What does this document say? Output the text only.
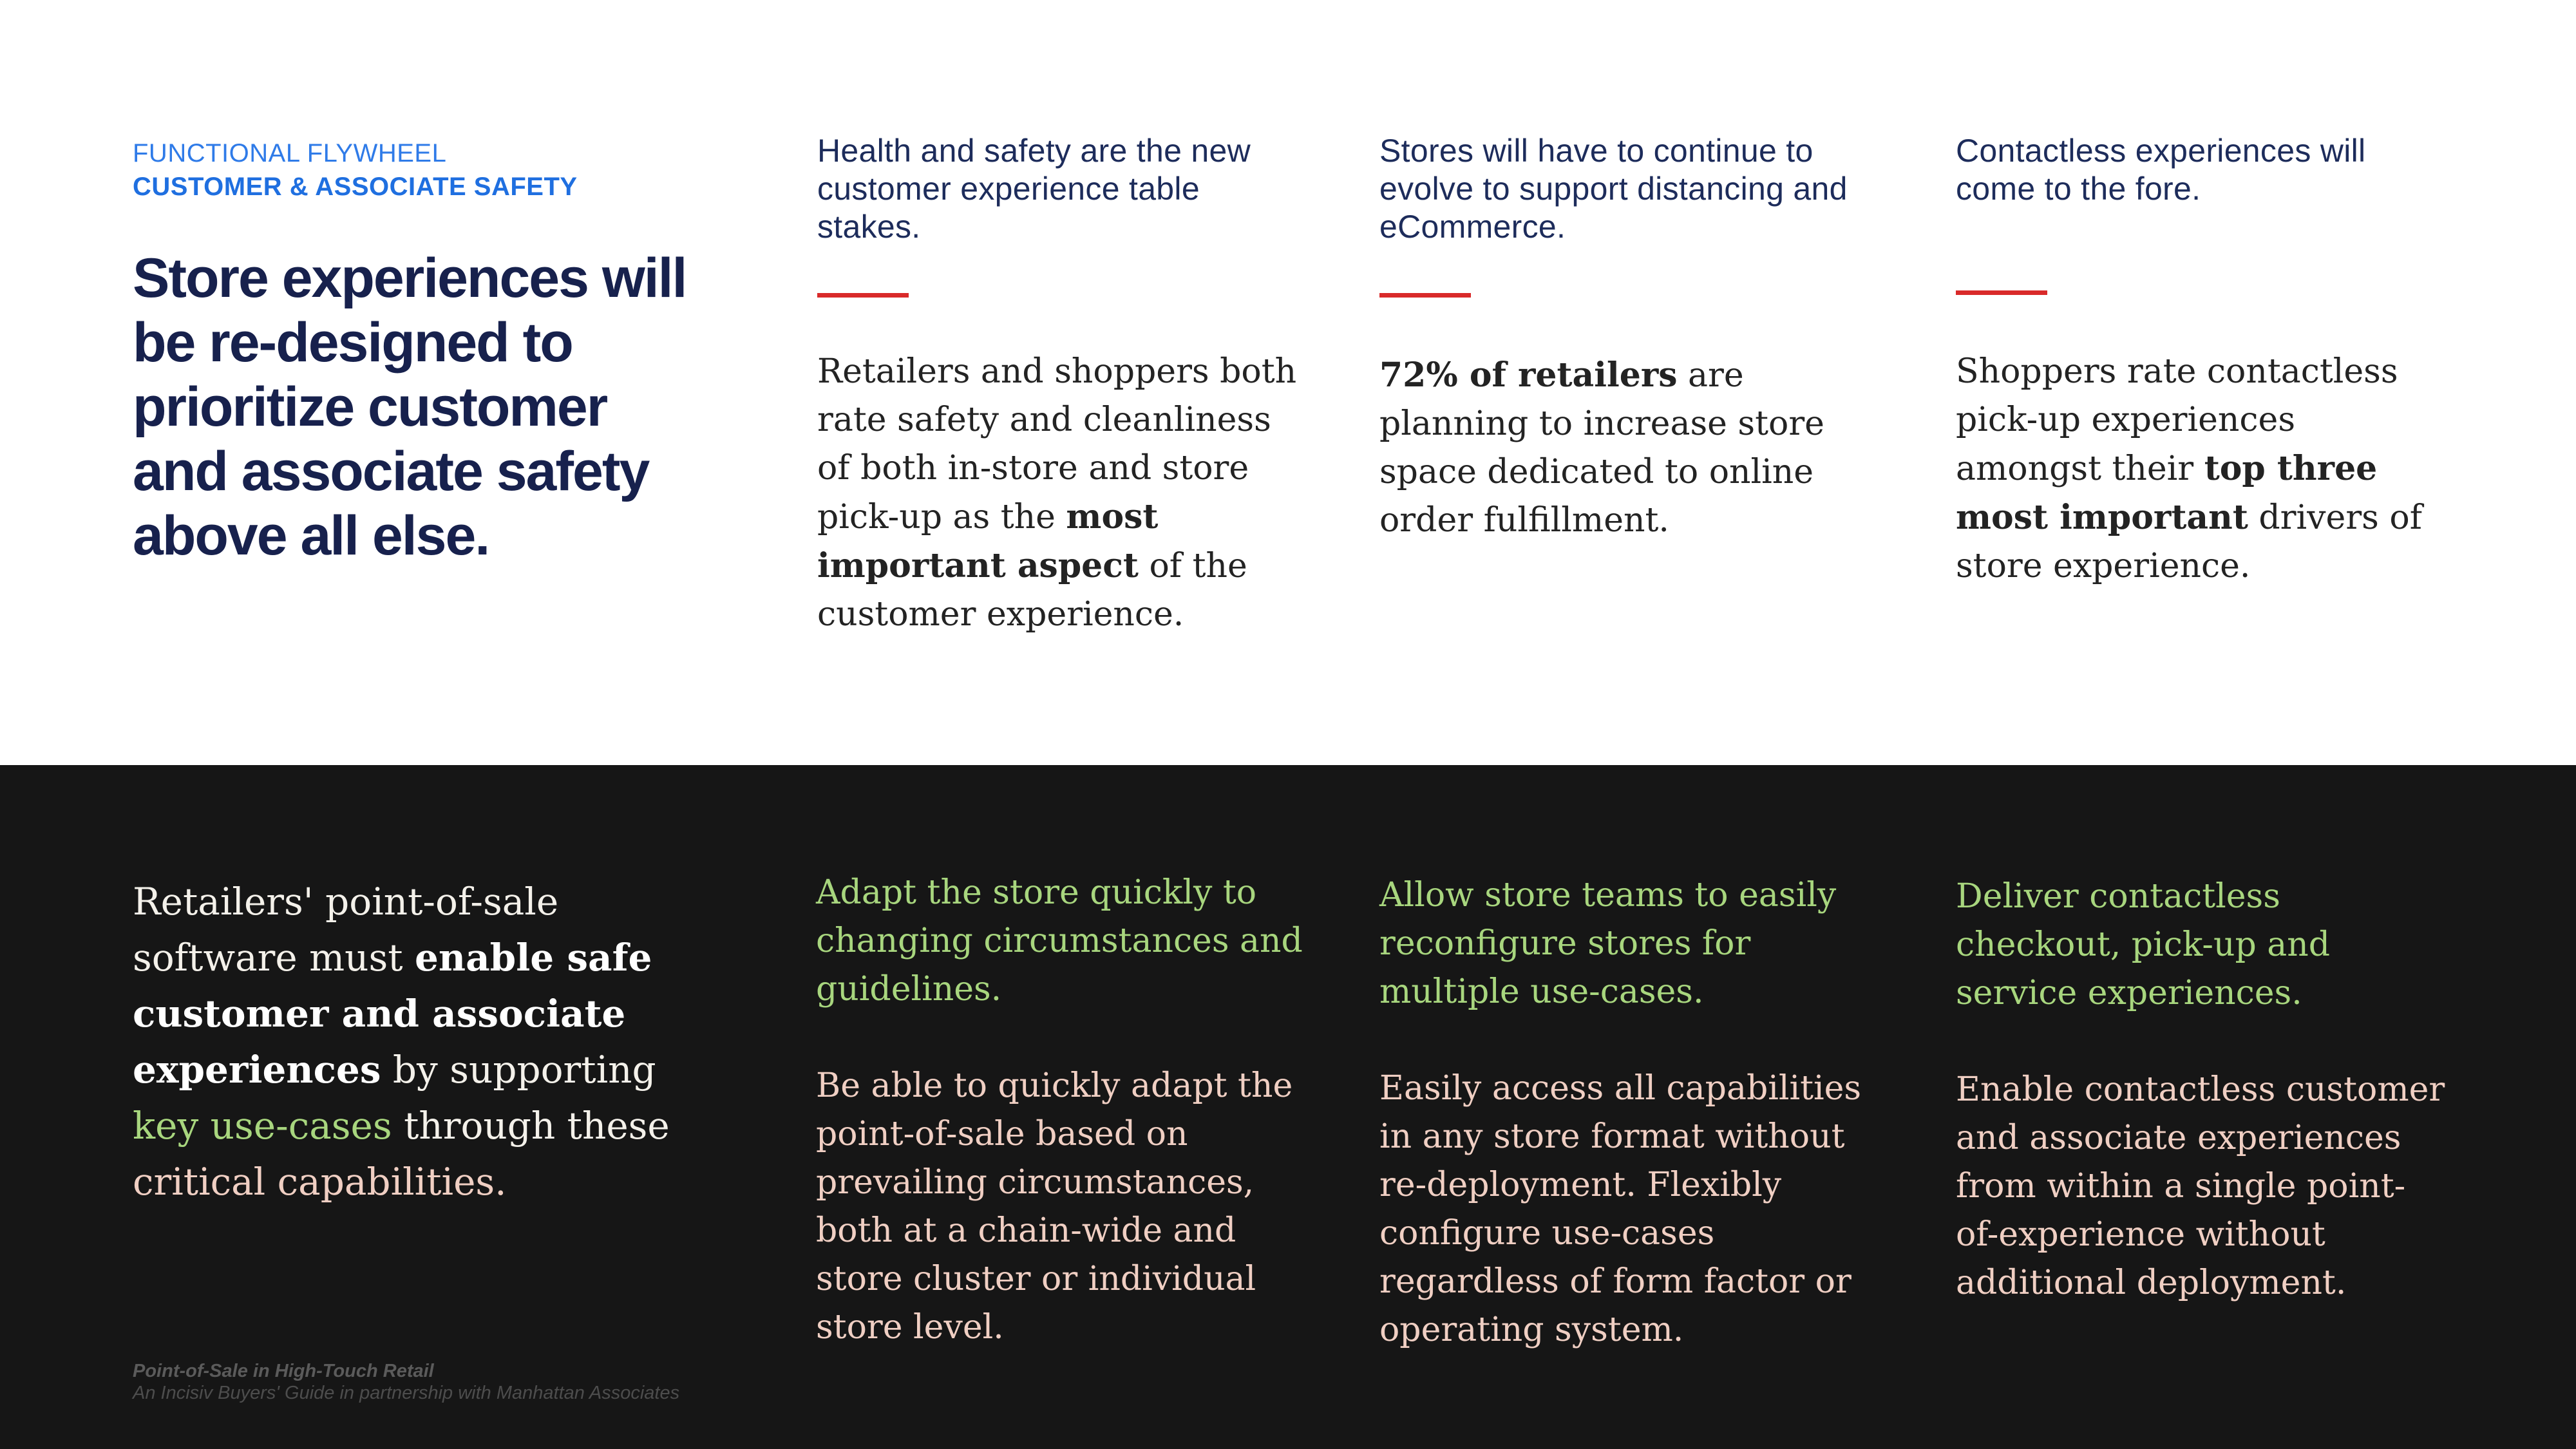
FUNCTIONAL FLYWHEEL
CUSTOMER & ASSOCIATE SAFETY
Store experiences will be re-designed to prioritize customer and associate safety above all else.
Health and safety are the new customer experience table stakes.
Retailers and shoppers both rate safety and cleanliness of both in-store and store pick-up as the most important aspect of the customer experience.
Stores will have to continue to evolve to support distancing and eCommerce.
72% of retailers are planning to increase store space dedicated to online order fulfillment.
Contactless experiences will come to the fore.
Shoppers rate contactless pick-up experiences amongst their top three most important drivers of store experience.
Retailers' point-of-sale software must enable safe customer and associate experiences by supporting key use-cases through these critical capabilities.
Adapt the store quickly to changing circumstances and guidelines.
Be able to quickly adapt the point-of-sale based on prevailing circumstances, both at a chain-wide and store cluster or individual store level.
Allow store teams to easily reconfigure stores for multiple use-cases.
Easily access all capabilities in any store format without re-deployment. Flexibly configure use-cases regardless of form factor or operating system.
Deliver contactless checkout, pick-up and service experiences.
Enable contactless customer and associate experiences from within a single point-of-experience without additional deployment.
Point-of-Sale in High-Touch Retail
An Incisiv Buyers' Guide in partnership with Manhattan Associates
